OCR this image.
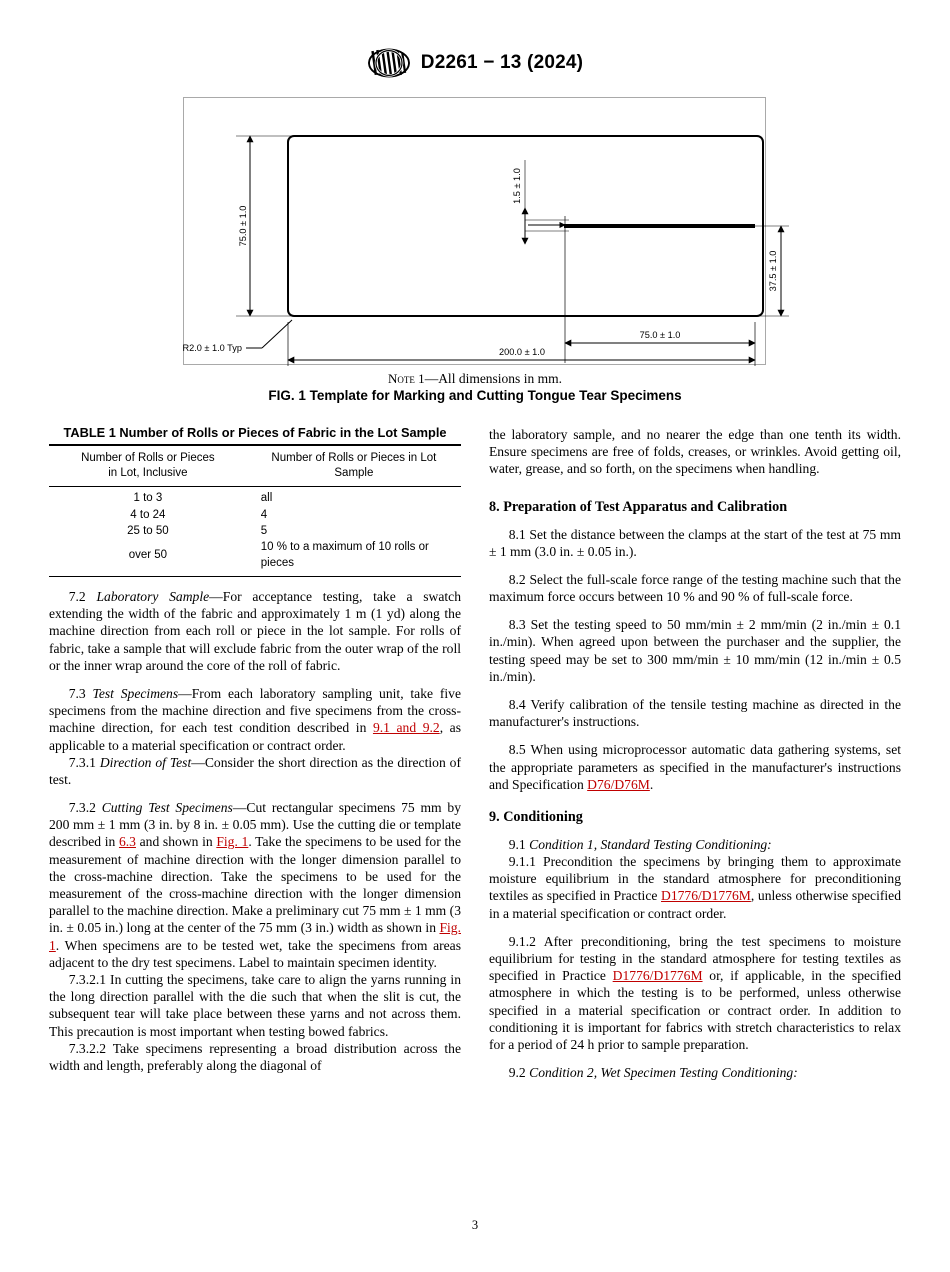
D2261 − 13 (2024)
75.0 ± 1.0
1.5 ± 1.0
37.5 ± 1.0
75.0 ± 1.0
200.0 ± 1.0
R2.0 ± 1.0 Typ
Note 1—All dimensions in mm.
FIG. 1 Template for Marking and Cutting Tongue Tear Specimens
TABLE 1 Number of Rolls or Pieces of Fabric in the Lot Sample
Number of Rolls or Pieces
in Lot, Inclusive	Number of Rolls or Pieces in Lot Sample
1 to 3	all
4 to 24	4
25 to 50	5
over 50	10 % to a maximum of 10 rolls or pieces

7.2 Laboratory Sample—For acceptance testing, take a swatch extending the width of the fabric and approximately 1 m (1 yd) along the machine direction from each roll or piece in the lot sample. For rolls of fabric, take a sample that will exclude fabric from the outer wrap of the roll or the inner wrap around the core of the roll of fabric.

7.3 Test Specimens—From each laboratory sampling unit, take five specimens from the machine direction and five specimens from the cross-machine direction, for each test condition described in 9.1 and 9.2, as applicable to a material specification or contract order.

7.3.1 Direction of Test—Consider the short direction as the direction of test.

7.3.2 Cutting Test Specimens—Cut rectangular specimens 75 mm by 200 mm ± 1 mm (3 in. by 8 in. ± 0.05 mm). Use the cutting die or template described in 6.3 and shown in Fig. 1. Take the specimens to be used for the measurement of machine direction with the longer dimension parallel to the cross-machine direction. Take the specimens to be used for the measurement of the cross-machine direction with the longer dimension parallel to the machine direction. Make a preliminary cut 75 mm ± 1 mm (3 in. ± 0.05 in.) long at the center of the 75 mm (3 in.) width as shown in Fig. 1. When specimens are to be tested wet, take the specimens from areas adjacent to the dry test specimens. Label to maintain specimen identity.

7.3.2.1 In cutting the specimens, take care to align the yarns running in the long direction parallel with the die such that when the slit is cut, the subsequent tear will take place between these yarns and not across them. This precaution is most important when testing bowed fabrics.

7.3.2.2 Take specimens representing a broad distribution across the width and length, preferably along the diagonal of

the laboratory sample, and no nearer the edge than one tenth its width. Ensure specimens are free of folds, creases, or wrinkles. Avoid getting oil, water, grease, and so forth, on the specimens when handling.

8. Preparation of Test Apparatus and Calibration

8.1 Set the distance between the clamps at the start of the test at 75 mm ± 1 mm (3.0 in. ± 0.05 in.).

8.2 Select the full-scale force range of the testing machine such that the maximum force occurs between 10 % and 90 % of full-scale force.

8.3 Set the testing speed to 50 mm/min ± 2 mm/min (2 in./min ± 0.1 in./min). When agreed upon between the purchaser and the supplier, the testing speed may be set to 300 mm/min ± 10 mm/min (12 in./min ± 0.5 in./min).

8.4 Verify calibration of the tensile testing machine as directed in the manufacturer's instructions.

8.5 When using microprocessor automatic data gathering systems, set the appropriate parameters as specified in the manufacturer's instructions and Specification D76/D76M.

9. Conditioning

9.1 Condition 1, Standard Testing Conditioning:

9.1.1 Precondition the specimens by bringing them to approximate moisture equilibrium in the standard atmosphere for preconditioning textiles as specified in Practice D1776/D1776M, unless otherwise specified in a material specification or contract order.

9.1.2 After preconditioning, bring the test specimens to moisture equilibrium for testing in the standard atmosphere for testing textiles as specified in Practice D1776/D1776M or, if applicable, in the specified atmosphere in which the testing is to be performed, unless otherwise specified in a material specification or contract order. In addition to conditioning it is important for fabrics with stretch characteristics to relax for a period of 24 h prior to sample preparation.

9.2 Condition 2, Wet Specimen Testing Conditioning:

3
